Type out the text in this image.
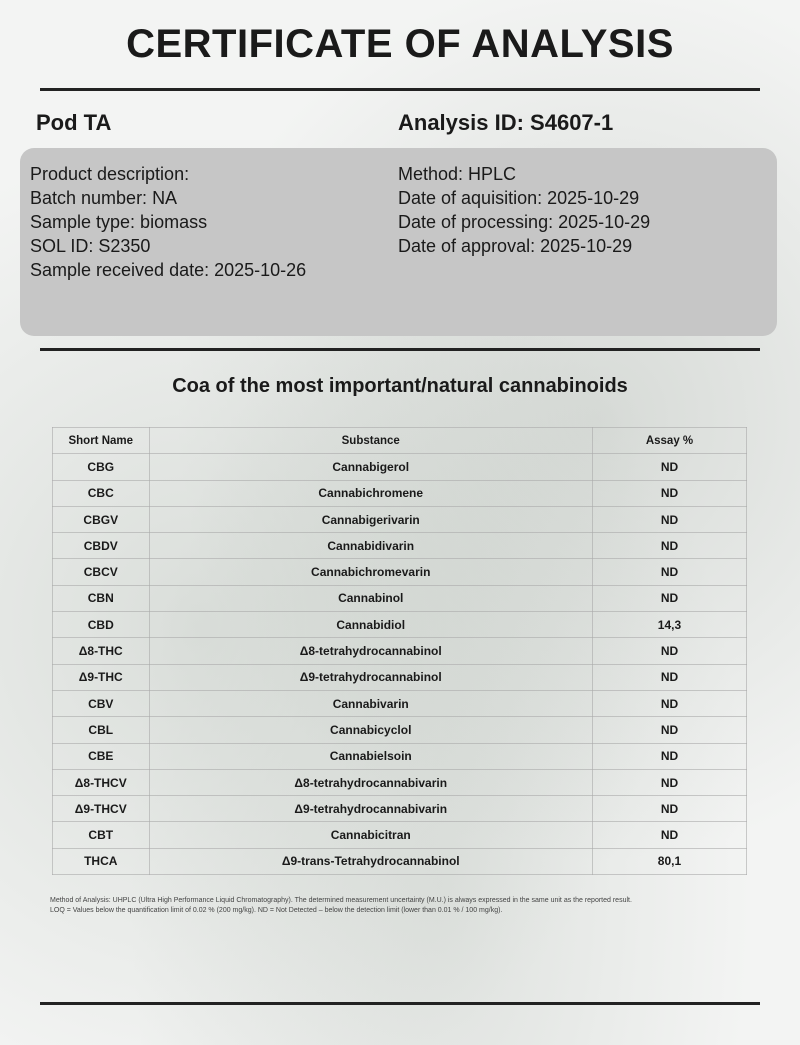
CERTIFICATE OF ANALYSIS
Pod TA	Analysis ID: S4607-1
Product description:
Batch number: NA
Sample type: biomass
SOL ID: S2350
Sample received date: 2025-10-26
Method: HPLC
Date of aquisition: 2025-10-29
Date of processing: 2025-10-29
Date of approval: 2025-10-29
Coa of the most important/natural cannabinoids
Short Name	Substance	Assay %
CBG	Cannabigerol	ND
CBC	Cannabichromene	ND
CBGV	Cannabigerivarin	ND
CBDV	Cannabidivarin	ND
CBCV	Cannabichromevarin	ND
CBN	Cannabinol	ND
CBD	Cannabidiol	14,3
Δ8-THC	Δ8-tetrahydrocannabinol	ND
Δ9-THC	Δ9-tetrahydrocannabinol	ND
CBV	Cannabivarin	ND
CBL	Cannabicyclol	ND
CBE	Cannabielsoin	ND
Δ8-THCV	Δ8-tetrahydrocannabivarin	ND
Δ9-THCV	Δ9-tetrahydrocannabivarin	ND
CBT	Cannabicitran	ND
THCA	Δ9-trans-Tetrahydrocannabinol	80,1
Method of Analysis: UHPLC (Ultra High Performance Liquid Chromatography). The determined measurement uncertainty (M.U.) is always expressed in the same unit as the reported result.
LOQ = Values below the quantification limit of 0.02 % (200 mg/kg). ND = Not Detected – below the detection limit (lower than 0.01 % / 100 mg/kg).
